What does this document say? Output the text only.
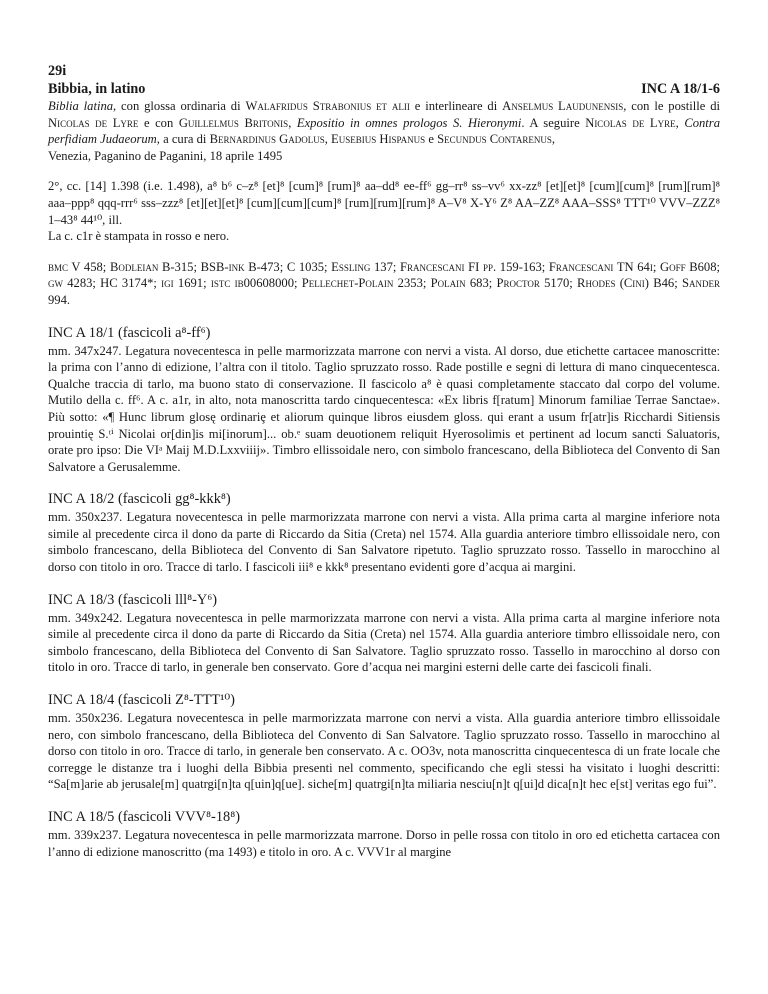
29i
Bibbia, in latino	INC A 18/1-6

Biblia latina, con glossa ordinaria di Walafridus Strabonius et alii e interlineare di Anselmus Laudunensis, con le postille di Nicolas de Lyre e con Guillelmus Britonis, Expositio in omnes prologos S. Hieronymi. A seguire Nicolas de Lyre, Contra perfidiam Judaeorum, a cura di Bernardinus Gadolus, Eusebius Hispanus e Secundus Contarenus,

Venezia, Paganino de Paganini, 18 aprile 1495

2°, cc. [14] 1.398 (i.e. 1.498), a⁸ b⁶ c–z⁸ [et]⁸ [cum]⁸ [rum]⁸ aa–dd⁸ ee-ff⁶ gg–rr⁸ ss–vv⁶ xx-zz⁸ [et][et]⁸ [cum][cum]⁸ [rum][rum]⁸ aaa–ppp⁸ qqq-rrr⁶ sss–zzz⁸ [et][et][et]⁸ [cum][cum][cum]⁸ [rum][rum][rum]⁸ A–V⁸ X-Y⁶ Z⁸ AA–ZZ⁸ AAA–SSS⁸ TTT¹⁰ VVV–ZZZ⁸ 1–43⁸ 44¹⁰, ill.

La c. c1r è stampata in rosso e nero.

bmc V 458; Bodleian B-315; BSB-ink B-473; C 1035; Essling 137; Francescani FI pp. 159-163; Francescani TN 64i; Goff B608; gw 4283; HC 3174*; igi 1691; istc ib00608000; Pellechet-Polain 2353; Polain 683; Proctor 5170; Rhodes (Cini) B46; Sander 994.

INC A 18/1 (fascicoli a⁸-ff⁶)

mm. 347x247. Legatura novecentesca in pelle marmorizzata marrone con nervi a vista. Al dorso, due etichette cartacee manoscritte: la prima con l’anno di edizione, l’altra con il titolo. Taglio spruzzato rosso. Rade postille e segni di lettura di mano cinquecentesca. Qualche traccia di tarlo, ma buono stato di conservazione. Il fascicolo a⁸ è quasi completamente staccato dal corpo del volume. Mutilo della c. ff⁶. A c. a1r, in alto, nota manoscritta tardo cinquecentesca: «Ex libris f[ratum] Minorum familiae Terrae Sanctae». Più sotto: «¶ Hunc librum glosę ordinariȩ et aliorum quinque libros eiusdem gloss. qui erant a usum fr[atr]is Ricchardi Sitiensis prouintię S.ᵗⁱ Nicolai or[din]is mi[inorum]... ob.ᵉ suam deuotionem reliquit Hyerosolimis et pertinent ad locum sancti Saluatoris, orate pro ipso: Die VIᵃ Maij M.D.Lxxviiij». Timbro ellissoidale nero, con simbolo francescano, della Biblioteca del Convento di San Salvatore a Gerusalemme.

INC A 18/2 (fascicoli gg⁸-kkk⁸)

mm. 350x237. Legatura novecentesca in pelle marmorizzata marrone con nervi a vista. Alla prima carta al margine inferiore nota simile al precedente circa il dono da parte di Riccardo da Sitia (Creta) nel 1574. Alla guardia anteriore timbro ellissoidale nero, con simbolo francescano, della Biblioteca del Convento di San Salvatore ripetuto. Taglio spruzzato rosso. Tassello in marocchino al dorso con titolo in oro. Tracce di tarlo. I fascicoli iii⁸ e kkk⁸ presentano evidenti gore d’acqua ai margini.

INC A 18/3 (fascicoli lll⁸-Y⁶)

mm. 349x242. Legatura novecentesca in pelle marmorizzata marrone con nervi a vista. Alla prima carta al margine inferiore nota simile al precedente circa il dono da parte di Riccardo da Sitia (Creta) nel 1574. Alla guardia anteriore timbro ellissoidale nero, con simbolo francescano, della Biblioteca del Convento di San Salvatore. Taglio spruzzato rosso. Tassello in marocchino al dorso con titolo in oro. Tracce di tarlo, in generale ben conservato. Gore d’acqua nei margini esterni delle carte dei fascicoli finali.

INC A 18/4 (fascicoli Z⁸-TTT¹⁰)

mm. 350x236. Legatura novecentesca in pelle marmorizzata marrone con nervi a vista. Alla guardia anteriore timbro ellissoidale nero, con simbolo francescano, della Biblioteca del Convento di San Salvatore. Taglio spruzzato rosso. Tassello in marocchino al dorso con titolo in oro. Tracce di tarlo, in generale ben conservato. A c. OO3v, nota manoscritta cinquecentesca di un frate locale che corregge le distanze tra i luoghi della Bibbia presenti nel commento, specificando che egli stessi ha visitato i luoghi descritti: “Sa[m]arie ab jerusale[m] quatrgi[n]ta q[uin]q[ue]. siche[m] quatrgi[n]ta miliaria nesciu[n]t q[ui]d dica[n]t hec e[st] veritas ego fui”.

INC A 18/5 (fascicoli VVV⁸-18⁸)

mm. 339x237. Legatura novecentesca in pelle marmorizzata marrone. Dorso in pelle rossa con titolo in oro ed etichetta cartacea con l’anno di edizione manoscritto (ma 1493) e titolo in oro. A c. VVV1r al margine
